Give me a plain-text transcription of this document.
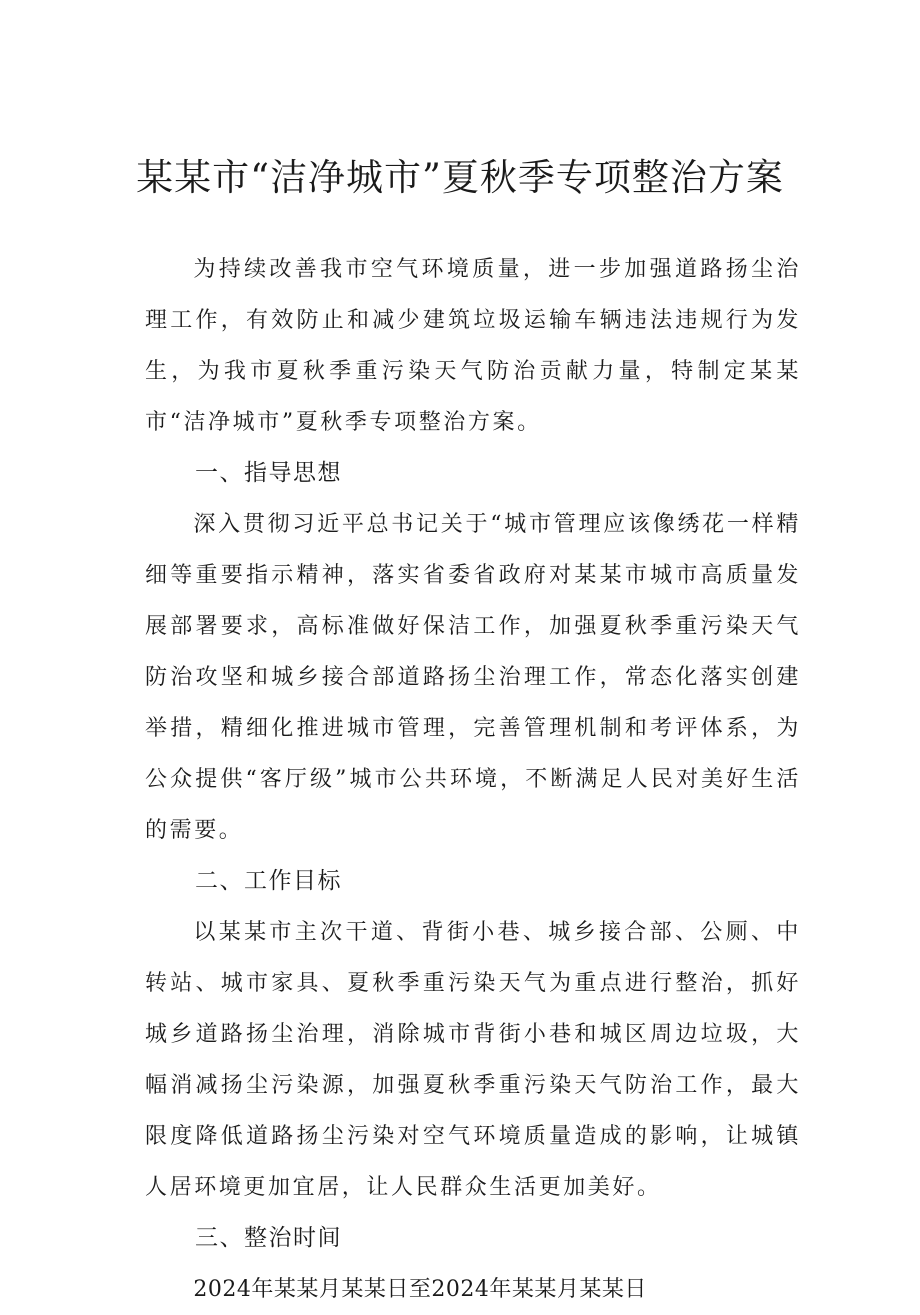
某某市“洁净城市”夏秋季专项整治方案

为持续改善我市空气环境质量，进一步加强道路扬尘治理工作，有效防止和减少建筑垃圾运输车辆违法违规行为发生，为我市夏秋季重污染天气防治贡献力量，特制定某某市“洁净城市”夏秋季专项整治方案。

一、指导思想

深入贯彻习近平总书记关于“城市管理应该像绣花一样精细等重要指示精神，落实省委省政府对某某市城市高质量发展部署要求，高标准做好保洁工作，加强夏秋季重污染天气防治攻坚和城乡接合部道路扬尘治理工作，常态化落实创建举措，精细化推进城市管理，完善管理机制和考评体系，为公众提供“客厅级”城市公共环境，不断满足人民对美好生活的需要。

二、工作目标

以某某市主次干道、背街小巷、城乡接合部、公厕、中转站、城市家具、夏秋季重污染天气为重点进行整治，抓好城乡道路扬尘治理，消除城市背街小巷和城区周边垃圾，大幅消减扬尘污染源，加强夏秋季重污染天气防治工作，最大限度降低道路扬尘污染对空气环境质量造成的影响，让城镇人居环境更加宜居，让人民群众生活更加美好。

三、整治时间

2024年某某月某某日至2024年某某月某某日
